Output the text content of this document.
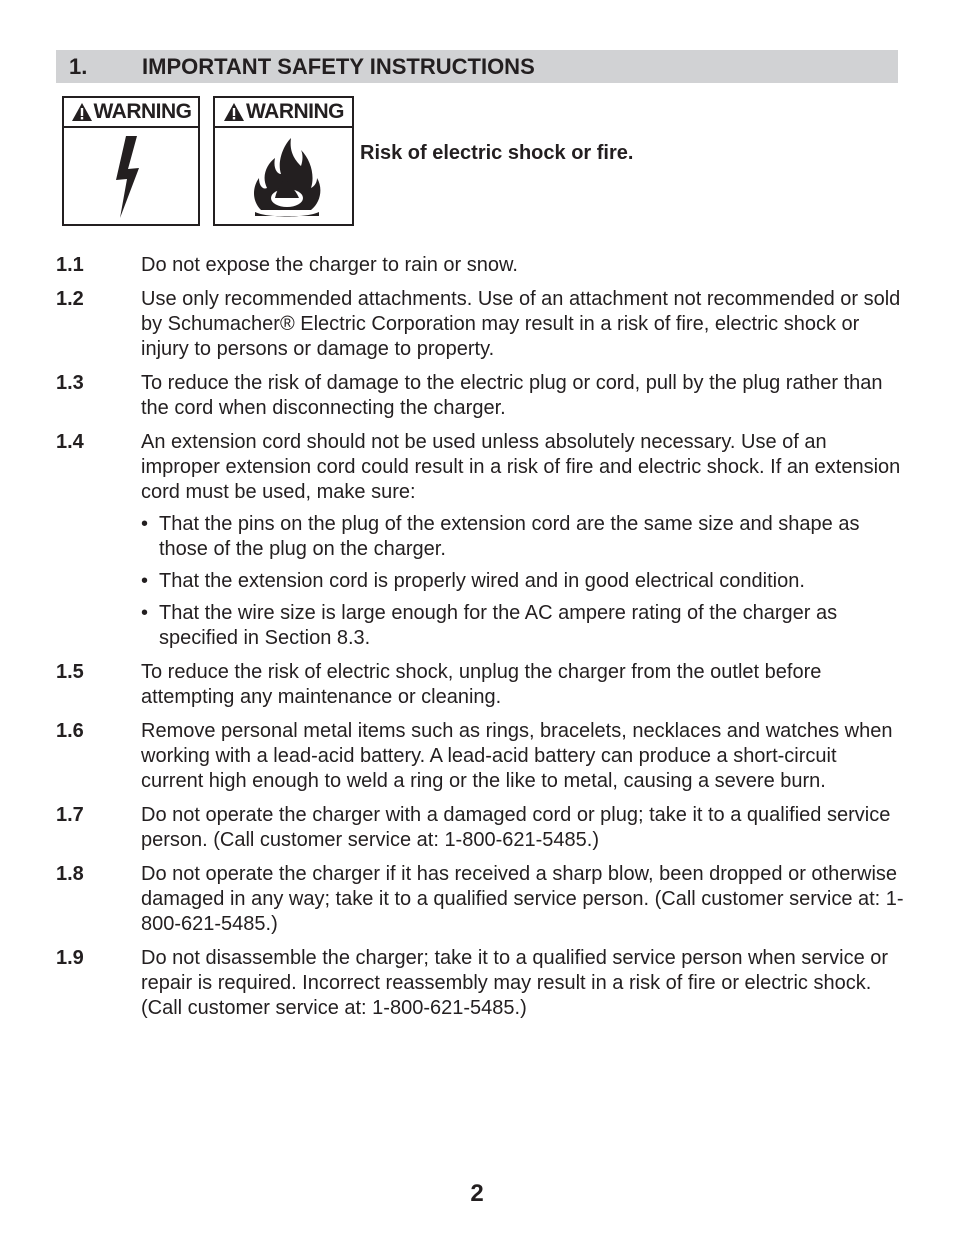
1. IMPORTANT SAFETY INSTRUCTIONS
WARNING	WARNING
Risk of electric shock or fire.
1.1	Do not expose the charger to rain or snow.
1.2	Use only recommended attachments. Use of an attachment not recommended or sold by Schumacher® Electric Corporation may result in a risk of fire, electric shock or injury to persons or damage to property.
1.3	To reduce the risk of damage to the electric plug or cord, pull by the plug rather than the cord when disconnecting the charger.
1.4	An extension cord should not be used unless absolutely necessary. Use of an improper extension cord could result in a risk of fire and electric shock. If an extension cord must be used, make sure:
• That the pins on the plug of the extension cord are the same size and shape as those of the plug on the charger.
• That the extension cord is properly wired and in good electrical condition.
• That the wire size is large enough for the AC ampere rating of the charger as specified in Section 8.3.
1.5	To reduce the risk of electric shock, unplug the charger from the outlet before attempting any maintenance or cleaning.
1.6	Remove personal metal items such as rings, bracelets, necklaces and watches when working with a lead-acid battery. A lead-acid battery can produce a short-circuit current high enough to weld a ring or the like to metal, causing a severe burn.
1.7	Do not operate the charger with a damaged cord or plug; take it to a qualified service person. (Call customer service at: 1-800-621-5485.)
1.8	Do not operate the charger if it has received a sharp blow, been dropped or otherwise damaged in any way; take it to a qualified service person. (Call customer service at: 1-800-621-5485.)
1.9	Do not disassemble the charger; take it to a qualified service person when service or repair is required. Incorrect reassembly may result in a risk of fire or electric shock. (Call customer service at: 1-800-621-5485.)
2
